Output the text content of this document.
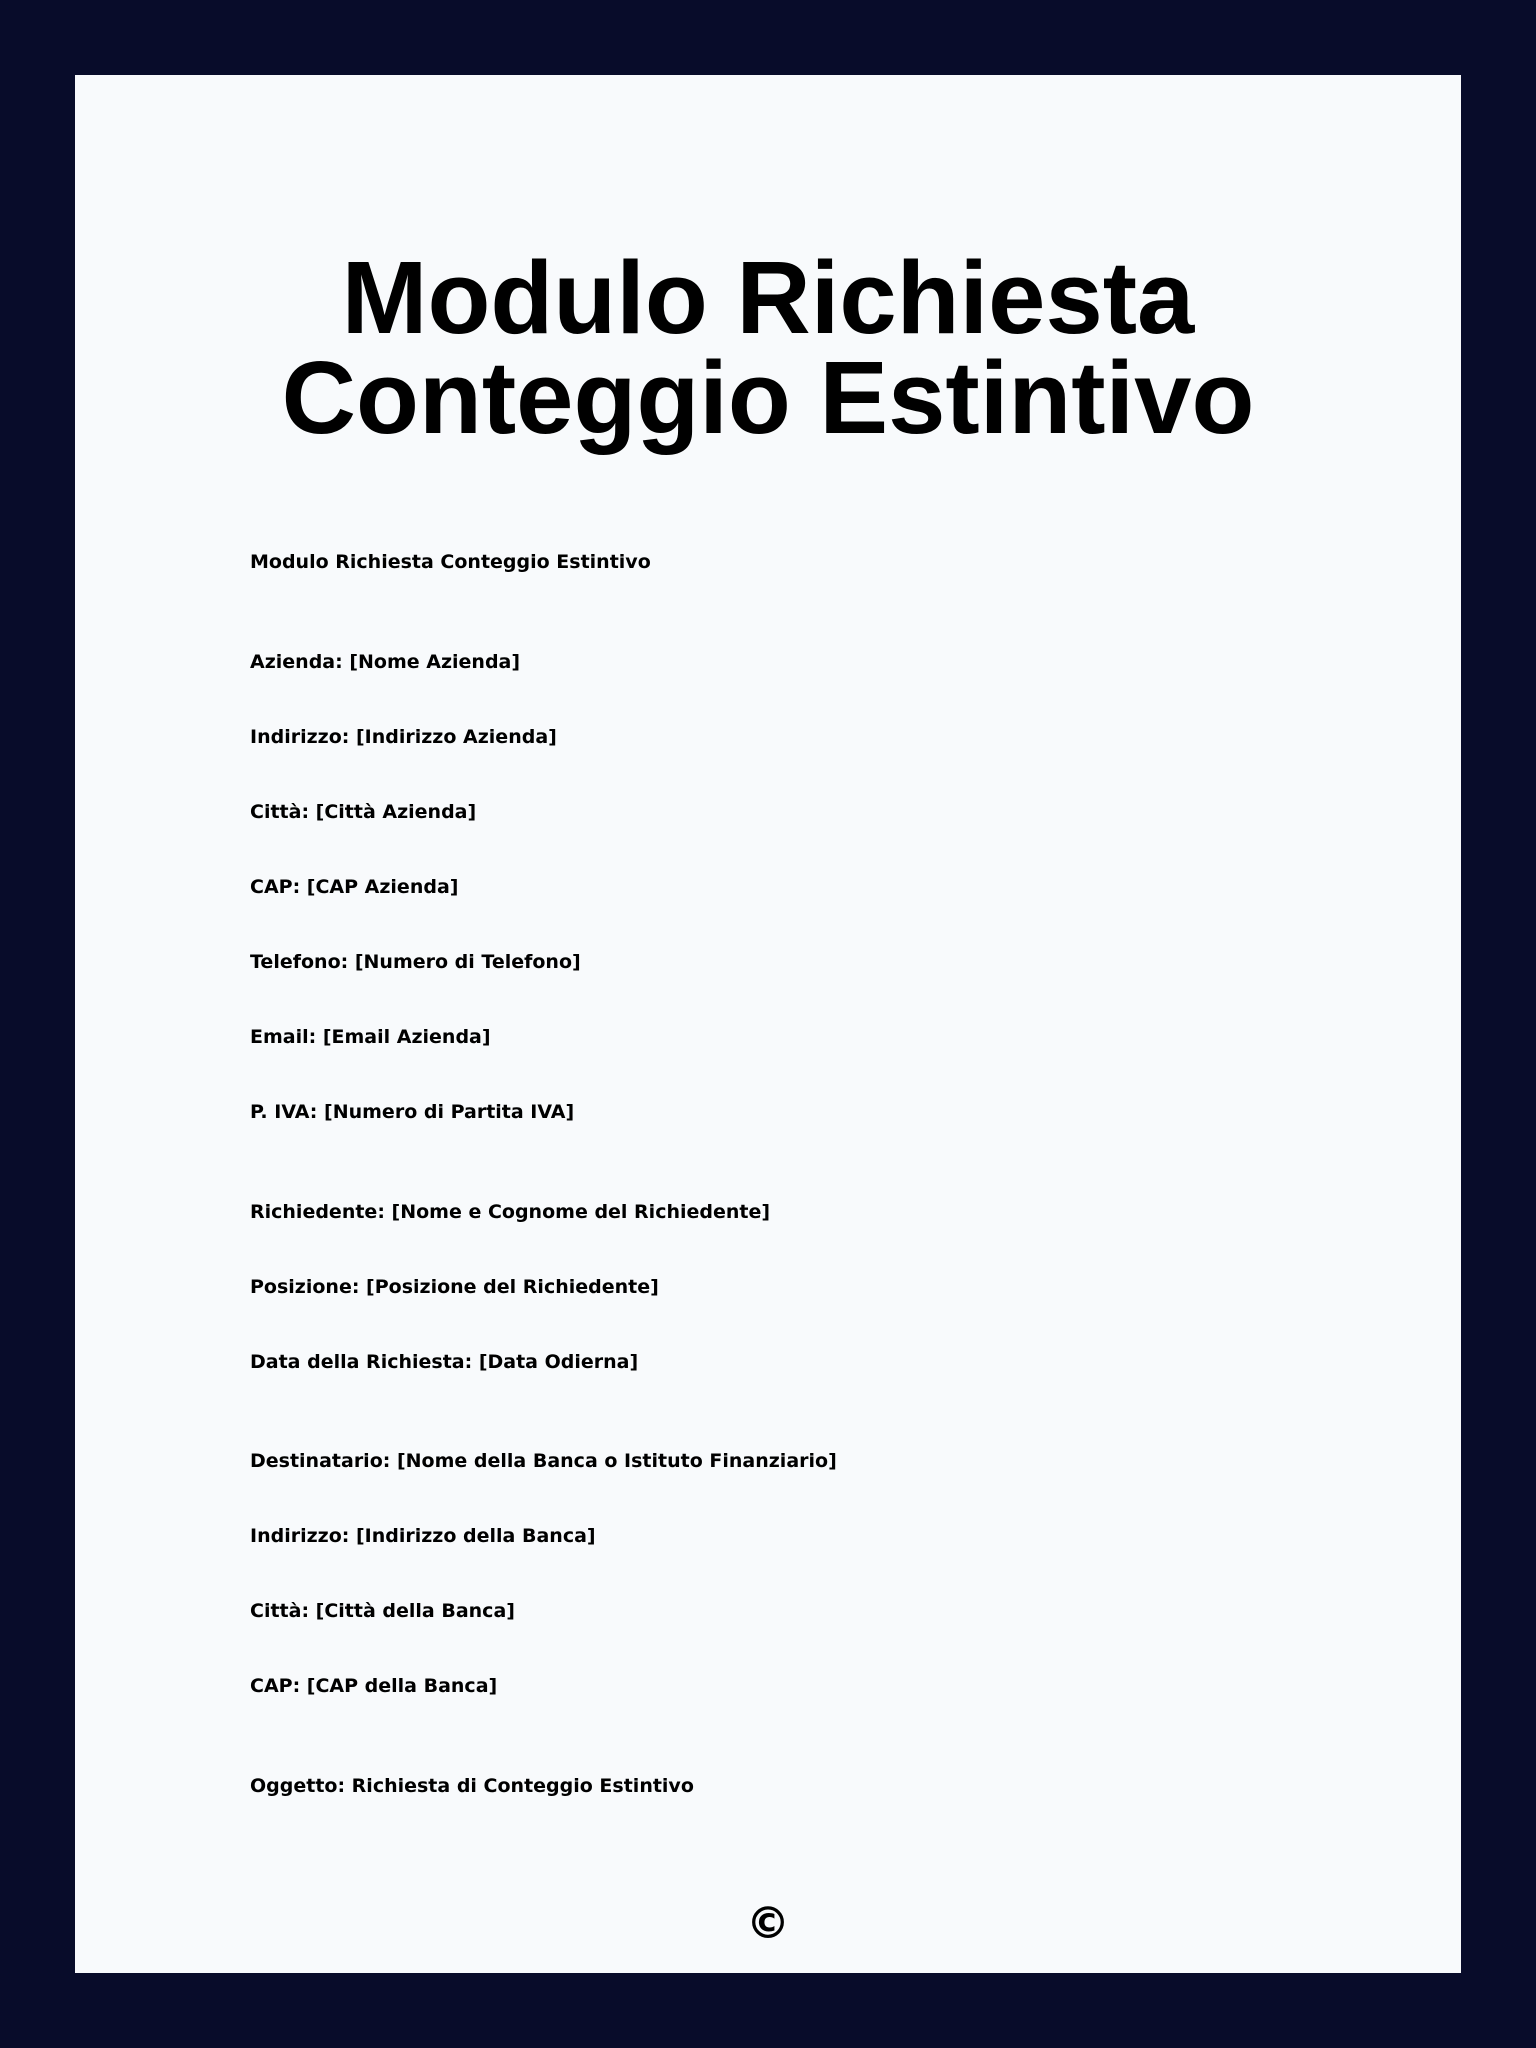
Modulo Richiesta Conteggio Estintivo
Modulo Richiesta Conteggio Estintivo
Azienda: [Nome Azienda]
Indirizzo: [Indirizzo Azienda]
Città: [Città Azienda]
CAP: [CAP Azienda]
Telefono: [Numero di Telefono]
Email: [Email Azienda]
P. IVA: [Numero di Partita IVA]
Richiedente: [Nome e Cognome del Richiedente]
Posizione: [Posizione del Richiedente]
Data della Richiesta: [Data Odierna]
Destinatario: [Nome della Banca o Istituto Finanziario]
Indirizzo: [Indirizzo della Banca]
Città: [Città della Banca]
CAP: [CAP della Banca]
Oggetto: Richiesta di Conteggio Estintivo
©
